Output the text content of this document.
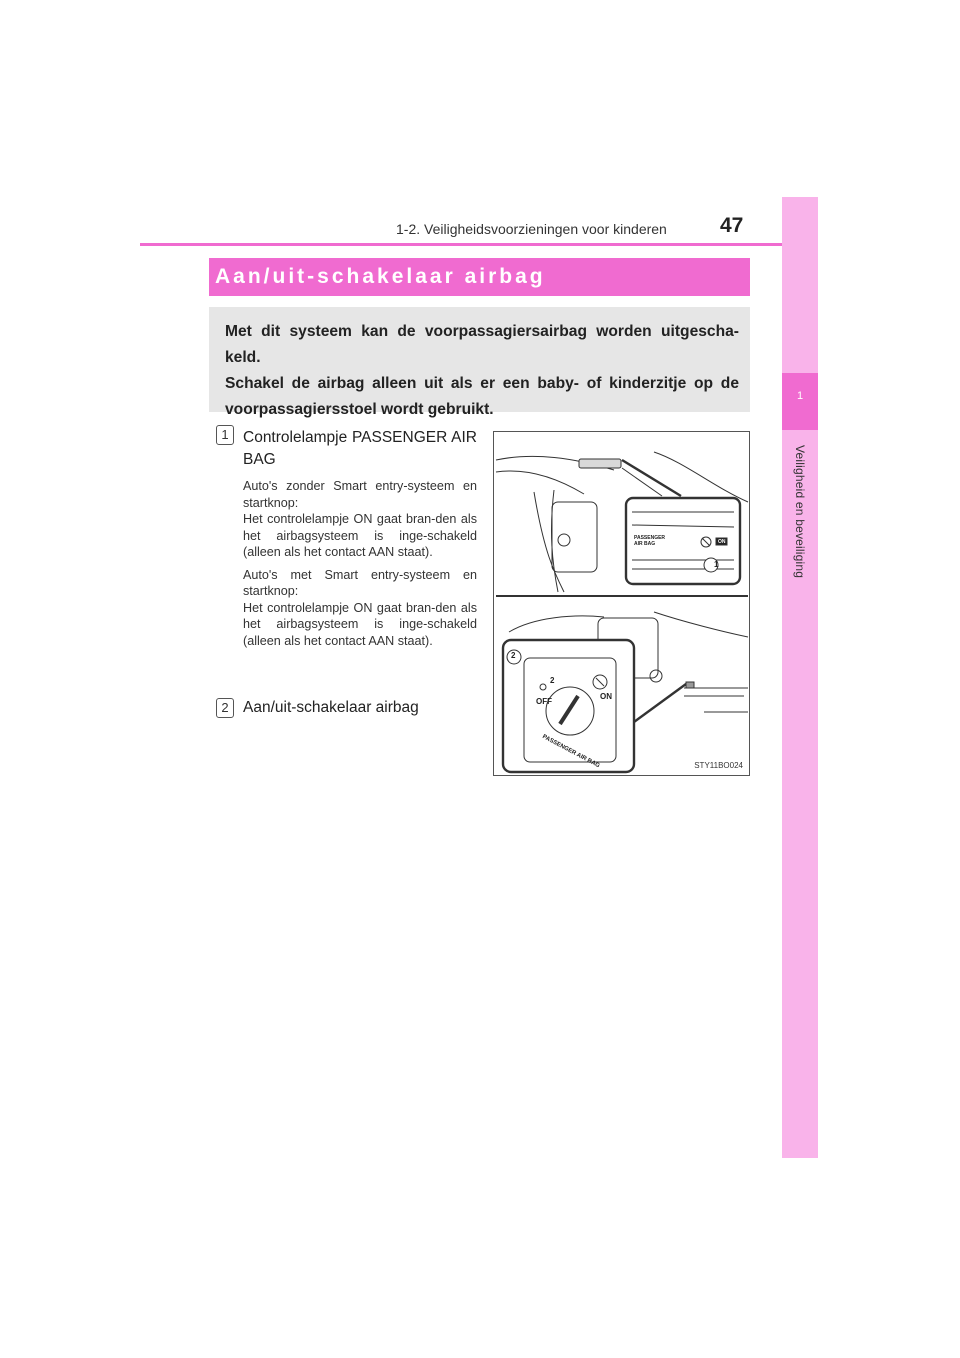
1-2. Veiligheidsvoorzieningen voor kinderen	47
1
Veiligheid en beveiliging
Aan/uit-schakelaar airbag

Met dit systeem kan de voorpassagiersairbag worden uitgescha-keld.

Schakel de airbag alleen uit als er een baby- of kinderzitje op de voorpassagiersstoel wordt gebruikt.

1 Controlelampje PASSENGER AIR BAG

Auto's zonder Smart entry-systeem en startknop:
Het controlelampje ON gaat bran-den als het airbagsysteem is inge-schakeld (alleen als het contact AAN staat).

Auto's met Smart entry-systeem en startknop:
Het controlelampje ON gaat bran-den als het airbagsysteem is inge-schakeld (alleen als het contact AAN staat).

2 Aan/uit-schakelaar airbag
1
2
PASSENGER
AIR BAG	ON
OFF
ON
2
PASSENGER AIR BAG	STY11BO024
